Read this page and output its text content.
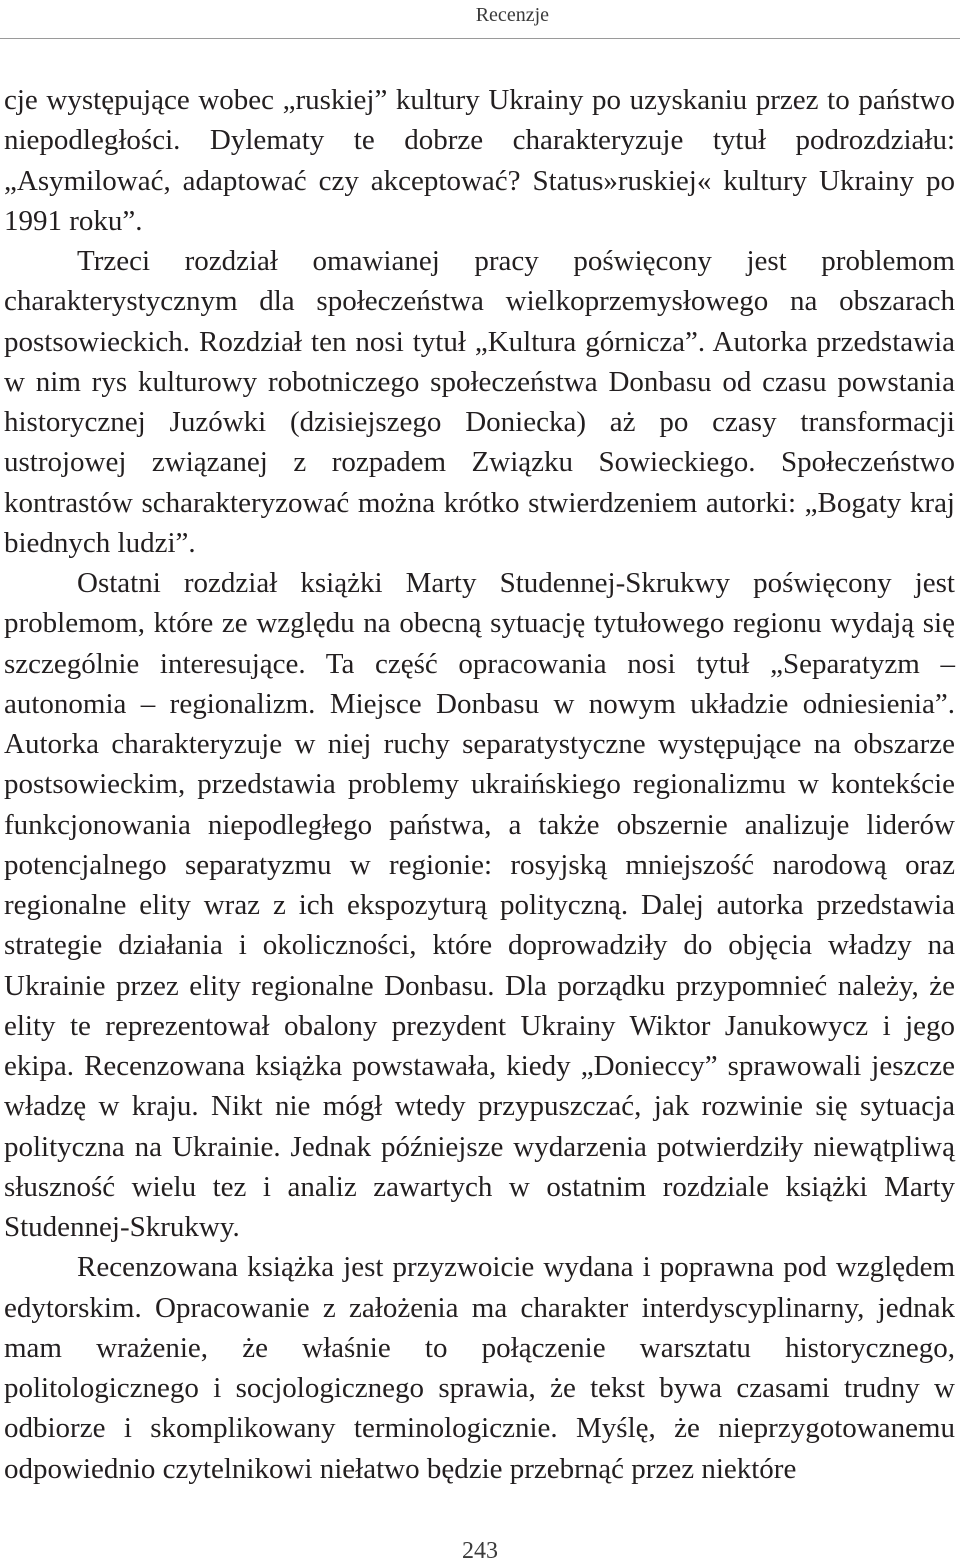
Recenzje

cje występujące wobec „ruskiej” kultury Ukrainy po uzyskaniu przez to państwo niepodległości. Dylematy te dobrze charakteryzuje tytuł podrozdziału: „Asymilować, adaptować czy akceptować? Status»ruskiej« kultury Ukrainy po 1991 roku”.

Trzeci rozdział omawianej pracy poświęcony jest problemom charakterystycznym dla społeczeństwa wielkoprzemysłowego na obszarach postsowieckich. Rozdział ten nosi tytuł „Kultura górnicza”. Autorka przedstawia w nim rys kulturowy robotniczego społeczeństwa Donbasu od czasu powstania historycznej Juzówki (dzisiejszego Doniecka) aż po czasy transformacji ustrojowej związanej z rozpadem Związku Sowieckiego. Społeczeństwo kontrastów scharakteryzować można krótko stwierdzeniem autorki: „Bogaty kraj biednych ludzi”.

Ostatni rozdział książki Marty Studennej-Skrukwy poświęcony jest problemom, które ze względu na obecną sytuację tytułowego regionu wydają się szczególnie interesujące. Ta część opracowania nosi tytuł „Separatyzm – autonomia – regionalizm. Miejsce Donbasu w nowym układzie odniesienia”. Autorka charakteryzuje w niej ruchy separatystyczne występujące na obszarze postsowieckim, przedstawia problemy ukraińskiego regionalizmu w kontekście funkcjonowania niepodległego państwa, a także obszernie analizuje liderów potencjalnego separatyzmu w regionie: rosyjską mniejszość narodową oraz regionalne elity wraz z ich ekspozyturą polityczną. Dalej autorka przedstawia strategie działania i okoliczności, które doprowadziły do objęcia władzy na Ukrainie przez elity regionalne Donbasu. Dla porządku przypomnieć należy, że elity te reprezentował obalony prezydent Ukrainy Wiktor Janukowycz i jego ekipa. Recenzowana książka powstawała, kiedy „Donieccy” sprawowali jeszcze władzę w kraju. Nikt nie mógł wtedy przypuszczać, jak rozwinie się sytuacja polityczna na Ukrainie. Jednak późniejsze wydarzenia potwierdziły niewątpliwą słuszność wielu tez i analiz zawartych w ostatnim rozdziale książki Marty Studennej-Skrukwy.

Recenzowana książka jest przyzwoicie wydana i poprawna pod względem edytorskim. Opracowanie z założenia ma charakter interdyscyplinarny, jednak mam wrażenie, że właśnie to połączenie warsztatu historycznego, politologicznego i socjologicznego sprawia, że tekst bywa czasami trudny w odbiorze i skomplikowany terminologicznie. Myślę, że nieprzygotowanemu odpowiednio czytelnikowi niełatwo będzie przebrnąć przez niektóre

243
